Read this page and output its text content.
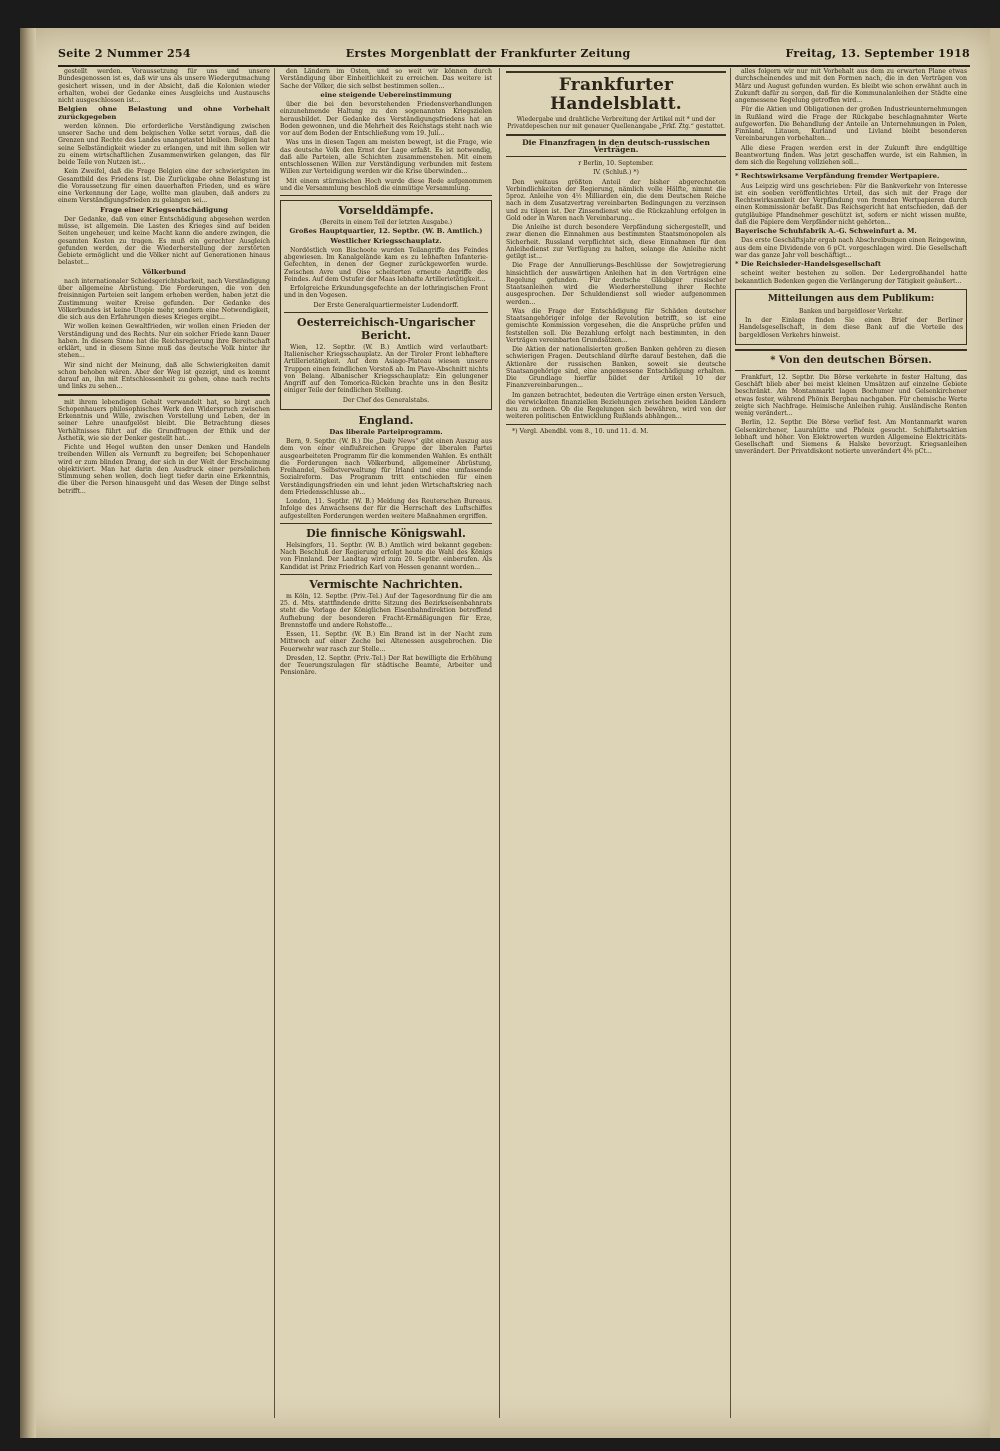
Seite 2 Nummer 254	Erstes Morgenblatt der Frankfurter Zeitung	Freitag, 13. September 1918

gestellt werden. Voraussetzung für uns und unsere Bundesgenossen ist es, daß wir uns als unsere Wiedergutmachung gesichert wissen, und in der Absicht, daß die Kolonien wieder erhalten, wobei der Gedanke eines Ausgleichs und Austauschs nicht ausgeschlossen ist...

Belgien ohne Belastung und ohne Vorbehalt zurückgegeben

werden können. Die erforderliche Verständigung zwischen unserer Sache und dem belgischen Volke setzt voraus, daß die Grenzen und Rechte des Landes unangetastet bleiben. Belgien hat seine Selbständigkeit wieder zu erlangen, und mit ihm sollen wir zu einem wirtschaftlichen Zusammenwirken gelangen, das für beide Teile von Nutzen ist...

Kein Zweifel, daß die Frage Belgien eine der schwierigsten im Gesamtbild des Friedens ist. Die Zurückgabe ohne Belastung ist die Voraussetzung für einen dauerhaften Frieden, und es wäre eine Verkennung der Lage, wollte man glauben, daß anders zu einem Verständigungsfrieden zu gelangen sei...

Frage einer Kriegsentschädigung

Der Gedanke, daß von einer Entschädigung abgesehen werden müsse, ist allgemein. Die Lasten des Krieges sind auf beiden Seiten ungeheuer, und keine Macht kann die andere zwingen, die gesamten Kosten zu tragen. Es muß ein gerechter Ausgleich gefunden werden, der die Wiederherstellung der zerstörten Gebiete ermöglicht und die Völker nicht auf Generationen hinaus belastet...

Völkerbund

nach internationaler Schiedsgerichtsbarkeit, nach Verständigung über allgemeine Abrüstung. Die Forderungen, die von den freisinnigen Parteien seit langem erhoben werden, haben jetzt die Zustimmung weiter Kreise gefunden. Der Gedanke des Völkerbundes ist keine Utopie mehr, sondern eine Notwendigkeit, die sich aus den Erfahrungen dieses Krieges ergibt...

Wir wollen keinen Gewaltfrieden, wir wollen einen Frieden der Verständigung und des Rechts. Nur ein solcher Friede kann Dauer haben. In diesem Sinne hat die Reichsregierung ihre Bereitschaft erklärt, und in diesem Sinne muß das deutsche Volk hinter ihr stehen...

Wir sind nicht der Meinung, daß alle Schwierigkeiten damit schon behoben wären. Aber der Weg ist gezeigt, und es kommt darauf an, ihn mit Entschlossenheit zu gehen, ohne nach rechts und links zu sehen...

mit ihrem lebendigen Gehalt verwandelt hat, so birgt auch Schopenhauers philosophisches Werk den Widerspruch zwischen Erkenntnis und Wille, zwischen Vorstellung und Leben, der in seiner Lehre unaufgelöst bleibt. Die Betrachtung dieses Verhältnisses führt auf die Grundfragen der Ethik und der Ästhetik, wie sie der Denker gestellt hat...

Fichte und Hegel wußten den unser Denken und Handeln treibenden Willen als Vernunft zu begreifen; bei Schopenhauer wird er zum blinden Drang, der sich in der Welt der Erscheinung objektiviert. Man hat darin den Ausdruck einer persönlichen Stimmung sehen wollen, doch liegt tiefer darin eine Erkenntnis, die über die Person hinausgeht und das Wesen der Dinge selbst betrifft...

den Ländern im Osten, und so weit wir können durch Verständigung über Einheitlichkeit zu erreichen. Das weitere ist Sache der Völker, die sich selbst bestimmen sollen...

eine steigende Uebereinstimmung

über die bei den bevorstehenden Friedensverhandlungen einzunehmende Haltung zu den sogenannten Kriegszielen herausbildet. Der Gedanke des Verständigungsfriedens hat an Boden gewonnen, und die Mehrheit des Reichstags steht nach wie vor auf dem Boden der Entschließung vom 19. Juli...

Was uns in diesen Tagen am meisten bewegt, ist die Frage, wie das deutsche Volk den Ernst der Lage erfaßt. Es ist notwendig, daß alle Parteien, alle Schichten zusammenstehen. Mit einem entschlossenen Willen zur Verständigung verbunden mit festem Willen zur Verteidigung werden wir die Krise überwinden...

Mit einem stürmischen Hoch wurde diese Rede aufgenommen und die Versammlung beschloß die einmütige Versammlung.

Vorselddämpfe.

(Bereits in einem Teil der letzten Ausgabe.)

Großes Hauptquartier, 12. Septbr. (W. B. Amtlich.)

Westlicher Kriegsschauplatz.

Nordöstlich von Bischoote wurden Teilangriffe des Feindes abgewiesen. Im Kanalgelände kam es zu lebhaften Infanterie-Gefechten, in denen der Gegner zurückgeworfen wurde. Zwischen Avre und Oise scheiterten erneute Angriffe des Feindes. Auf dem Ostufer der Maas lebhafte Artillerietätigkeit...

Erfolgreiche Erkundungsgefechte an der lothringischen Front und in den Vogesen.

Der Erste Generalquartiermeister Ludendorff.

Oesterreichisch-Ungarischer Bericht.

Wien, 12. Septbr. (W. B.) Amtlich wird verlautbart: Italienischer Kriegsschauplatz. An der Tiroler Front lebhaftere Artillerietätigkeit. Auf dem Asiago-Plateau wiesen unsere Truppen einen feindlichen Vorstoß ab. Im Piave-Abschnitt nichts von Belang. Albanischer Kriegsschauplatz: Ein gelungener Angriff auf den Tomorica-Rücken brachte uns in den Besitz einiger Teile der feindlichen Stellung.

Der Chef des Generalstabs.

England.

Das liberale Parteiprogramm.

Bern, 9. Septbr. (W. B.) Die „Daily News“ gibt einen Auszug aus dem von einer einflußreichen Gruppe der liberalen Partei ausgearbeiteten Programm für die kommenden Wahlen. Es enthält die Forderungen nach Völkerbund, allgemeiner Abrüstung, Freihandel, Selbstverwaltung für Irland und eine umfassende Sozialreform. Das Programm tritt entschieden für einen Verständigungsfrieden ein und lehnt jeden Wirtschaftskrieg nach dem Friedensschlusse ab...

London, 11. Septbr. (W. B.) Meldung des Reuterschen Bureaus. Infolge des Anwachsens der für die Herrschaft des Luftschiffes aufgestellten Forderungen werden weitere Maßnahmen ergriffen.

Die finnische Königswahl.

Helsingfors, 11. Septbr. (W. B.) Amtlich wird bekannt gegeben: Nach Beschluß der Regierung erfolgt heute die Wahl des Königs von Finnland. Der Landtag wird zum 20. Septbr. einberufen. Als Kandidat ist Prinz Friedrich Karl von Hessen genannt worden...

Vermischte Nachrichten.

m Köln, 12. Septbr. (Priv.-Tel.) Auf der Tagesordnung für die am 25. d. Mts. stattfindende dritte Sitzung des Bezirkseisenbahnrats steht die Vorlage der Königlichen Eisenbahndirektion betreffend Aufhebung der besonderen Fracht-Ermäßigungen für Erze, Brennstoffe und andere Rohstoffe...

Essen, 11. Septbr. (W. B.) Ein Brand ist in der Nacht zum Mittwoch auf einer Zeche bei Altenessen ausgebrochen. Die Feuerwehr war rasch zur Stelle...

Dresden, 12. Septbr. (Priv.-Tel.) Der Rat bewilligte die Erhöhung der Teuerungszulagen für städtische Beamte, Arbeiter und Pensionäre.

Frankfurter Handelsblatt.

Wiedergabe und drahtliche Verbreitung der Artikel mit * und der Privatdepeschen nur mit genauer Quellenangabe „Frkf. Ztg.“ gestattet.

Die Finanzfragen in den deutsch-russischen Verträgen.

r Berlin, 10. September.

IV. (Schluß.) *)

Den weitaus größten Anteil der bisher abgerechneten Verbindlichkeiten der Regierung, nämlich volle Hälfte, nimmt die 5proz. Anleihe von 4½ Milliarden ein, die dem Deutschen Reiche nach in dem Zusatzvertrag vereinbarten Bedingungen zu verzinsen und zu tilgen ist. Der Zinsendienst wie die Rückzahlung erfolgen in Gold oder in Waren nach Vereinbarung...

Die Anleihe ist durch besondere Verpfändung sichergestellt, und zwar dienen die Einnahmen aus bestimmten Staatsmonopolen als Sicherheit. Russland verpflichtet sich, diese Einnahmen für den Anleihedienst zur Verfügung zu halten, solange die Anleihe nicht getilgt ist...

Die Frage der Annullierungs-Beschlüsse der Sowjetregierung hinsichtlich der auswärtigen Anleihen hat in den Verträgen eine Regelung gefunden. Für deutsche Gläubiger russischer Staatsanleihen wird die Wiederherstellung ihrer Rechte ausgesprochen. Der Schuldendienst soll wieder aufgenommen werden...

Was die Frage der Entschädigung für Schäden deutscher Staatsangehöriger infolge der Revolution betrifft, so ist eine gemischte Kommission vorgesehen, die die Ansprüche prüfen und feststellen soll. Die Bezahlung erfolgt nach bestimmten, in den Verträgen vereinbarten Grundsätzen...

Die Aktien der nationalisierten großen Banken gehören zu diesen schwierigen Fragen. Deutschland dürfte darauf bestehen, daß die Aktionäre der russischen Banken, soweit sie deutsche Staatsangehörige sind, eine angemessene Entschädigung erhalten. Die Grundlage hierfür bildet der Artikel 10 der Finanzvereinbarungen...

Im ganzen betrachtet, bedeuten die Verträge einen ersten Versuch, die verwickelten finanziellen Beziehungen zwischen beiden Ländern neu zu ordnen. Ob die Regelungen sich bewähren, wird von der weiteren politischen Entwicklung Rußlands abhängen...

*) Vergl. Abendbl. vom 8., 10. und 11. d. M.

alles folgern wir nur mit Vorbehalt aus dem zu erwarten Plane etwas durchscheinendes und mit den Formen nach, die in den Verträgen von März und August gefunden wurden. Es bleibt wie schon erwähnt auch in Zukunft dafür zu sorgen, daß für die Kommunalanleihen der Städte eine angemessene Regelung getroffen wird...

Für die Aktien und Obligationen der großen Industrieunternehmungen in Rußland wird die Frage der Rückgabe beschlagnahmter Werte aufgeworfen. Die Behandlung der Anteile an Unternehmungen in Polen, Finnland, Litauen, Kurland und Livland bleibt besonderen Vereinbarungen vorbehalten...

Alle diese Fragen werden erst in der Zukunft ihre endgültige Beantwortung finden. Was jetzt geschaffen wurde, ist ein Rahmen, in dem sich die Regelung vollziehen soll...

* Rechtswirksame Verpfändung fremder Wertpapiere.

Aus Leipzig wird uns geschrieben: Für die Bankverkehr von Interesse ist ein soeben veröffentlichtes Urteil, das sich mit der Frage der Rechtswirksamkeit der Verpfändung von fremden Wertpapieren durch einen Kommissionär befaßt. Das Reichsgericht hat entschieden, daß der gutgläubige Pfandnehmer geschützt ist, sofern er nicht wissen mußte, daß die Papiere dem Verpfänder nicht gehörten...

Bayerische Schuhfabrik A.-G. Schweinfurt a. M.

Das erste Geschäftsjahr ergab nach Abschreibungen einen Reingewinn, aus dem eine Dividende von 6 pCt. vorgeschlagen wird. Die Gesellschaft war das ganze Jahr voll beschäftigt...

* Die Reichsleder-Handelsgesellschaft

scheint weiter bestehen zu sollen. Der Ledergroßhandel hatte bekanntlich Bedenken gegen die Verlängerung der Tätigkeit geäußert...

Mitteilungen aus dem Publikum:

Banken und bargeldloser Verkehr.

In der Einlage finden Sie einen Brief der Berliner Handelsgesellschaft, in dem diese Bank auf die Vorteile des bargeldlosen Verkehrs hinweist.

* Von den deutschen Börsen.

Frankfurt, 12. Septbr. Die Börse verkehrte in fester Haltung, das Geschäft blieb aber bei meist kleinen Umsätzen auf einzelne Gebiete beschränkt. Am Montanmarkt lagen Bochumer und Gelsenkirchener etwas fester, während Phönix Bergbau nachgaben. Für chemische Werte zeigte sich Nachfrage. Heimische Anleihen ruhig. Ausländische Renten wenig verändert...

Berlin, 12. Septbr. Die Börse verlief fest. Am Montanmarkt waren Gelsenkirchener, Laurahütte und Phönix gesucht. Schiffahrtsaktien lebhaft und höher. Von Elektrowerten wurden Allgemeine Elektricitäts-Gesellschaft und Siemens & Halske bevorzugt. Kriegsanleihen unverändert. Der Privatdiskont notierte unverändert 4⅝ pCt...
